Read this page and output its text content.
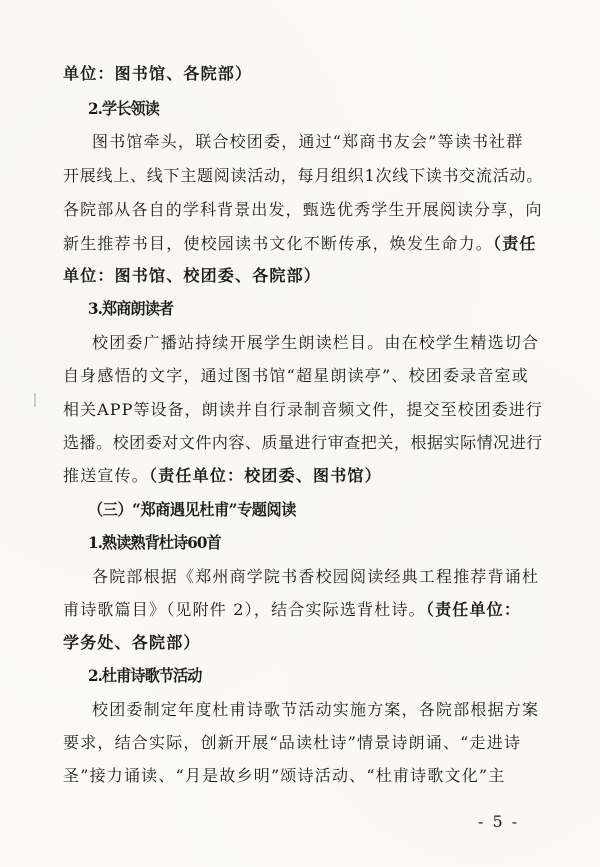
单位：图书馆、各院部）
2.学长领读
图书馆牵头，联合校团委，通过“郑商书友会”等读书社群
开展线上、线下主题阅读活动，每月组织1次线下读书交流活动。
各院部从各自的学科背景出发，甄选优秀学生开展阅读分享，向
新生推荐书目，使校园读书文化不断传承，焕发生命力。（责任
单位：图书馆、校团委、各院部）
3.郑商朗读者
校团委广播站持续开展学生朗读栏目。由在校学生精选切合
自身感悟的文字，通过图书馆“超星朗读亭”、校团委录音室或
相关APP等设备，朗读并自行录制音频文件，提交至校团委进行
选播。校团委对文件内容、质量进行审查把关，根据实际情况进行
推送宣传。（责任单位：校团委、图书馆）
（三）“郑商遇见杜甫”专题阅读
1.熟读熟背杜诗60首
各院部根据《郑州商学院书香校园阅读经典工程推荐背诵杜
甫诗歌篇目》（见附件 2），结合实际选背杜诗。（责任单位：
学务处、各院部）
2.杜甫诗歌节活动
校团委制定年度杜甫诗歌节活动实施方案，各院部根据方案
要求，结合实际，创新开展“品读杜诗”情景诗朗诵、“走进诗
圣”接力诵读、“月是故乡明”颂诗活动、“杜甫诗歌文化”主
- 5 -
